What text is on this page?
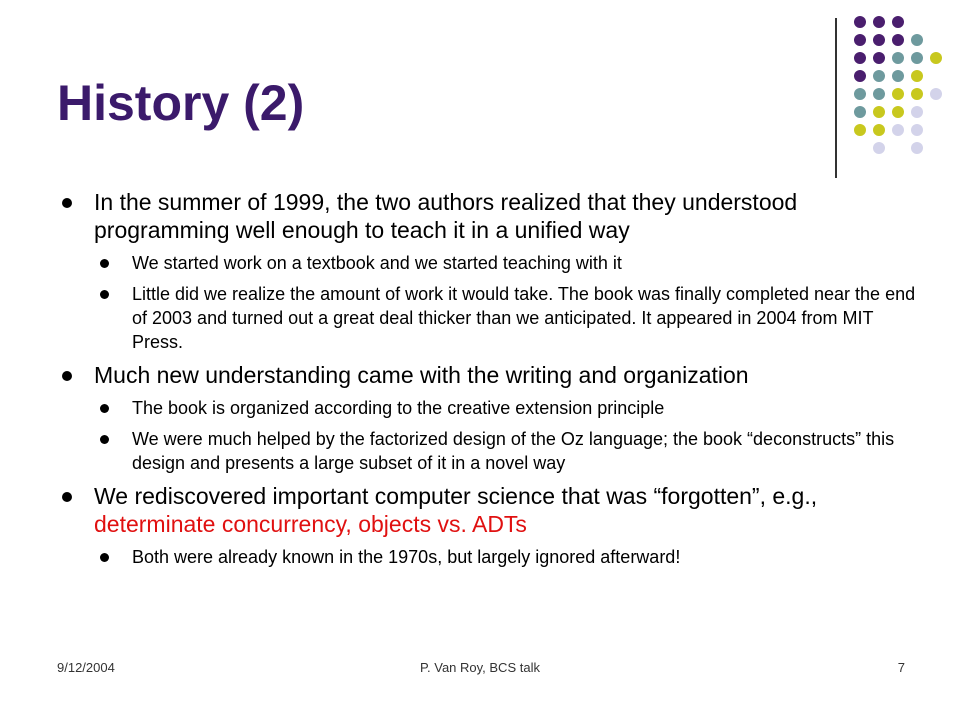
History (2)
In the summer of 1999, the two authors realized that they understood programming well enough to teach it in a unified way
We started work on a textbook and we started teaching with it
Little did we realize the amount of work it would take. The book was finally completed near the end of 2003 and turned out a great deal thicker than we anticipated. It appeared in 2004 from MIT Press.
Much new understanding came with the writing and organization
The book is organized according to the creative extension principle
We were much helped by the factorized design of the Oz language; the book “deconstructs” this design and presents a large subset of it in a novel way
We rediscovered important computer science that was “forgotten”, e.g., determinate concurrency, objects vs. ADTs
Both were already known in the 1970s, but largely ignored afterward!
9/12/2004	P. Van Roy, BCS talk	7
